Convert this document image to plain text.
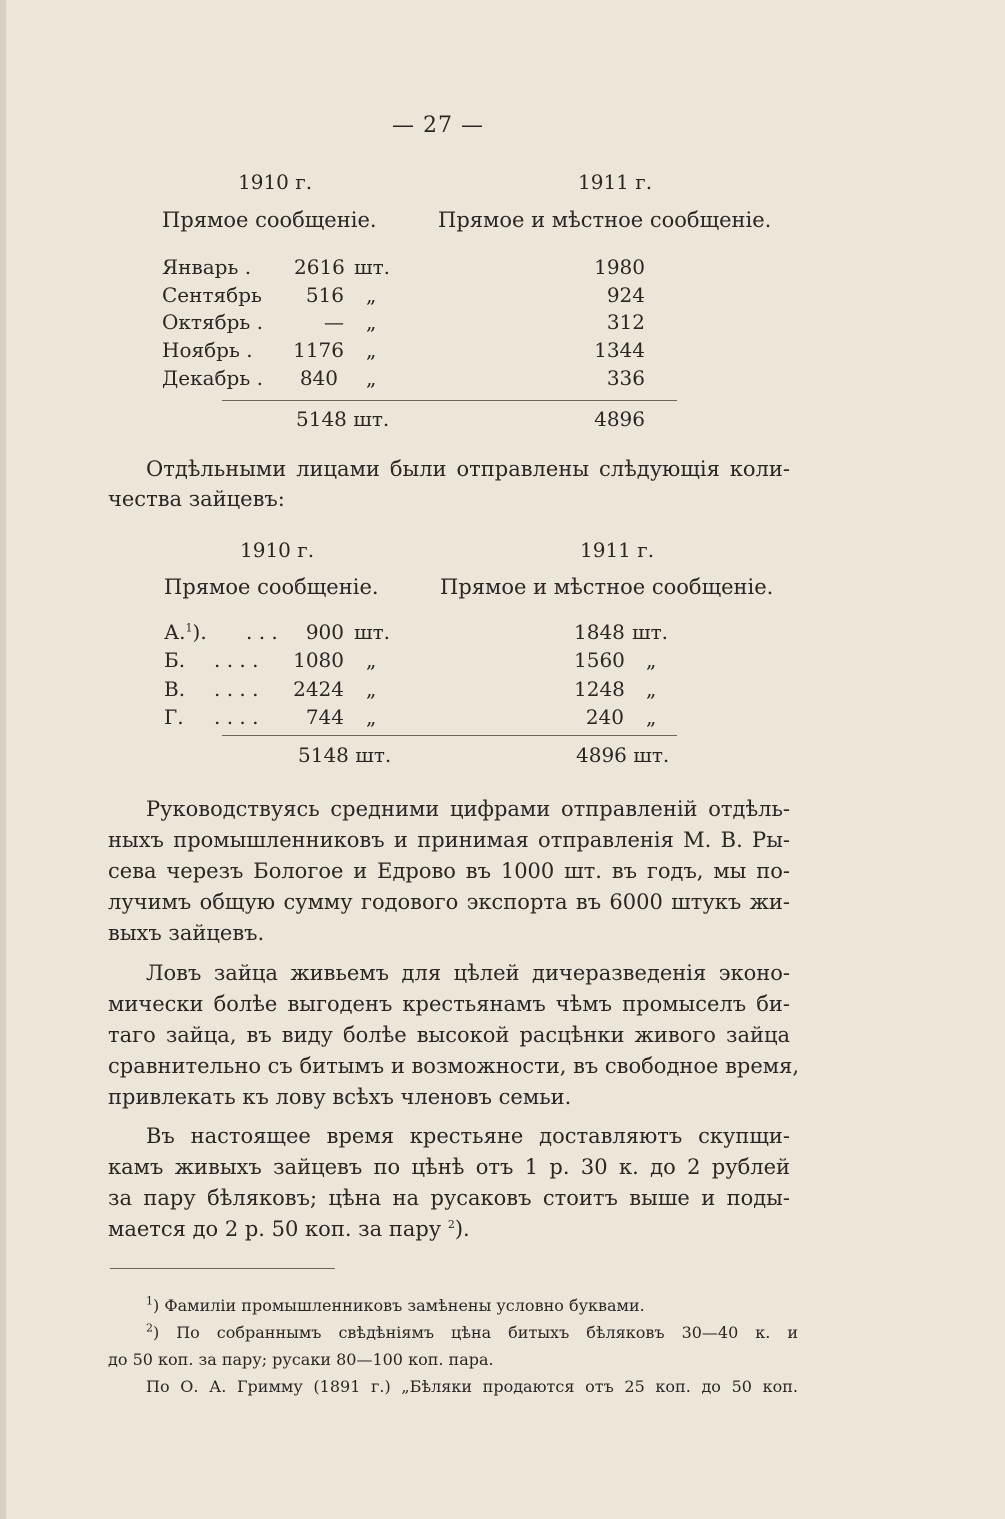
— 27 —
1910 г.	1911 г.
Прямое сообщеніе.	Прямое и мѣстное сообщеніе.
Январь . 2616 шт.	1980
Сентябрь	516 „	924
Октябрь .	— „	312
Ноябрь . 1176 „	1344
Декабрь . 840 „	336
5148 шт.	4896
Отдѣльными лицами были отправлены слѣдующія коли-
чества зайцевъ:
1910 г.	1911 г.
Прямое сообщеніе.	Прямое и мѣстное сообщеніе.
А.$^1$). . . . 900 шт.	1848 шт.
Б. . . . . 1080 „	1560 „
В. . . . . 2424 „	1248 „
Г. . . . .	744 „	240 „
5148 шт.	4896 шт.
Руководствуясь средними цифрами отправленій отдѣль-
ныхъ промышленниковъ и принимая отправленія М. В. Ры-
сева черезъ Бологое и Едрово въ 1000 шт. въ годъ, мы по-
лучимъ общую сумму годового экспорта въ 6000 штукъ жи-
выхъ зайцевъ.
Ловъ зайца живьемъ для цѣлей дичеразведенія эконо-
мически болѣе выгоденъ крестьянамъ чѣмъ промыселъ би-
таго зайца, въ виду болѣе высокой расцѣнки живого зайца
сравнительно съ битымъ и возможности, въ свободное время,
привлекать къ лову всѣхъ членовъ семьи.
Въ настоящее время крестьяне доставляютъ скупщи-
камъ живыхъ зайцевъ по цѣнѣ отъ 1 р. 30 к. до 2 рублей
за пару бѣляковъ; цѣна на русаковъ стоитъ выше и поды-
мается до 2 р. 50 коп. за пару $^2$).
$^1$) Фамиліи промышленниковъ замѣнены условно буквами.
$^2$) По собраннымъ свѣдѣніямъ цѣна битыхъ бѣляковъ 30—40 к. и
до 50 коп. за пару; русаки 80—100 коп. пара.
По О. А. Гримму (1891 г.) „Бѣляки продаются отъ 25 коп. до 50 коп.
